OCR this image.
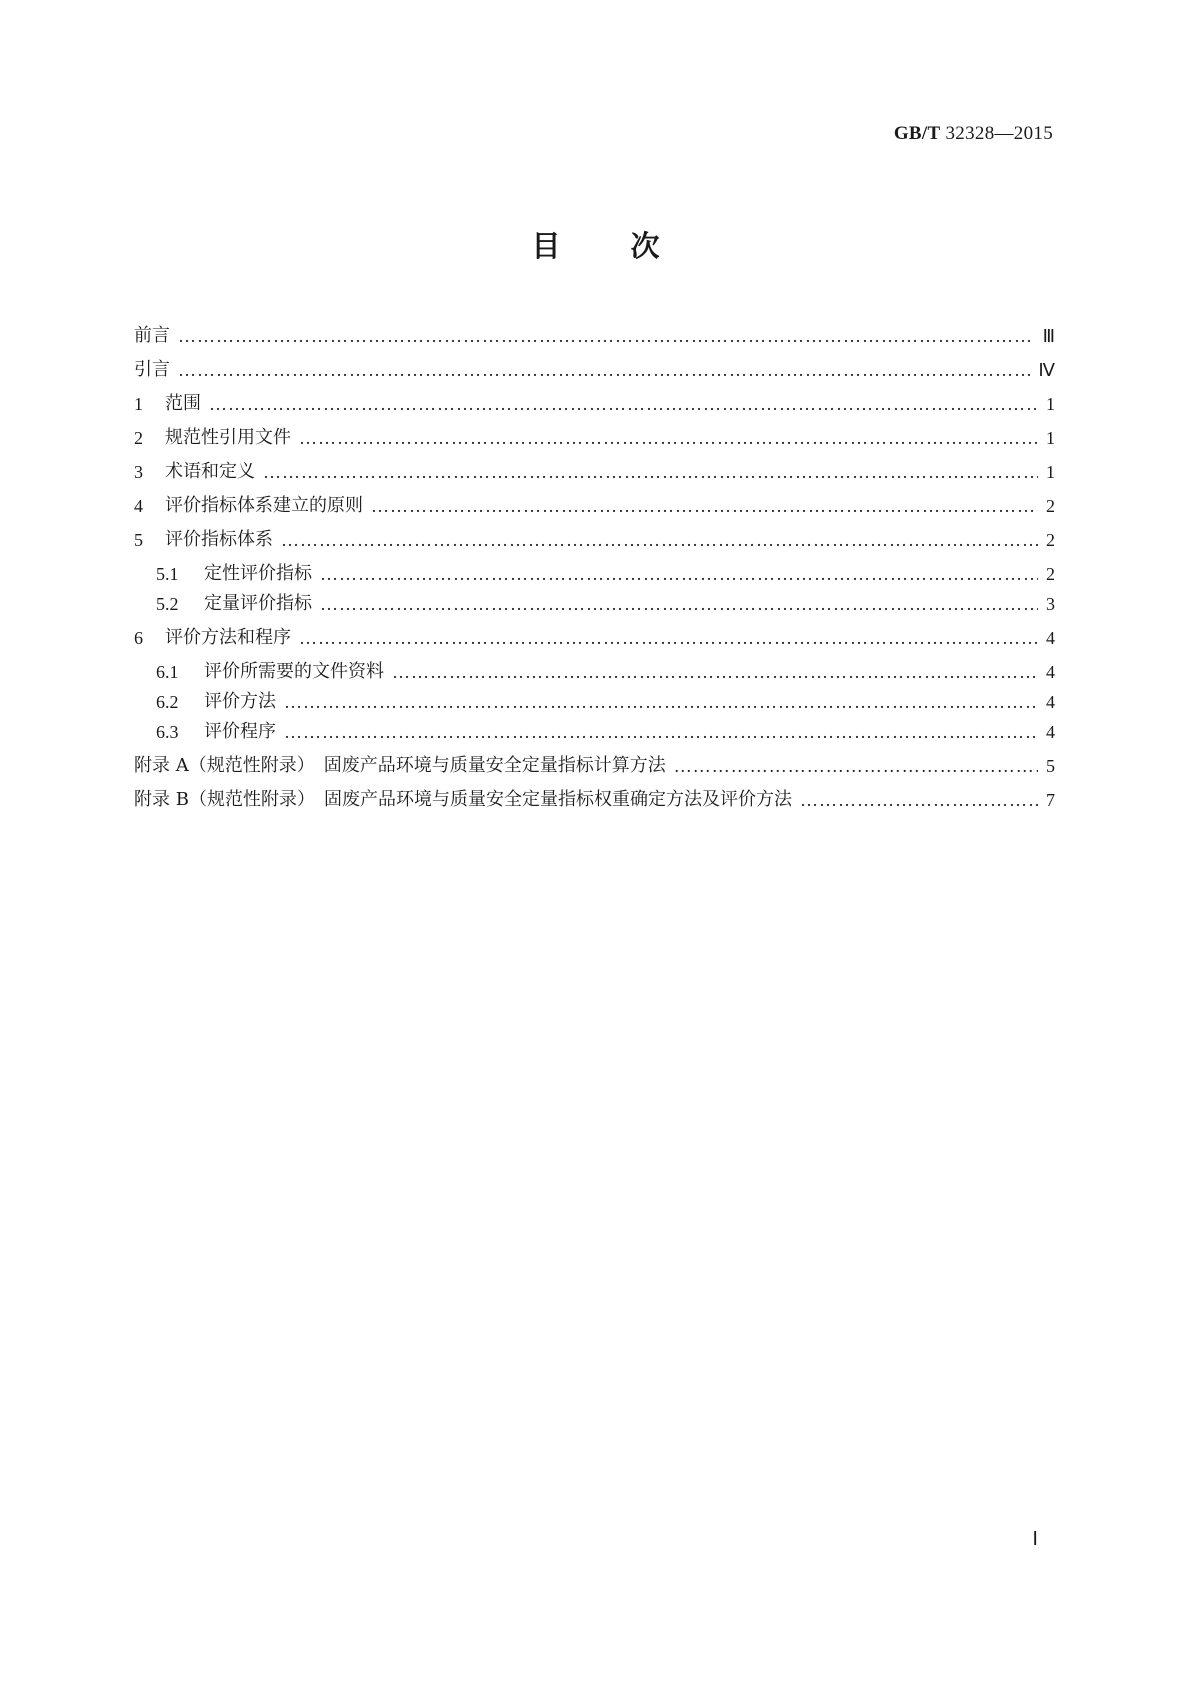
GB/T 32328—2015
目 次
前言 ……………………………………………………………………………………………………………………………………………………………………………………………………	Ⅲ
引言 ……………………………………………………………………………………………………………………………………………………………………………………………………	Ⅳ
1	范围 ……………………………………………………………………………………………………………………………………………………………………………………………………	1
2	规范性引用文件 ……………………………………………………………………………………………………………………………………………………………………………………………………	1
3	术语和定义 ……………………………………………………………………………………………………………………………………………………………………………………………………	1
4	评价指标体系建立的原则 ……………………………………………………………………………………………………………………………………………………………………………………………………	2
5	评价指标体系 ……………………………………………………………………………………………………………………………………………………………………………………………………	2
5.1	定性评价指标 ……………………………………………………………………………………………………………………………………………………………………………………………………	2
5.2	定量评价指标 ……………………………………………………………………………………………………………………………………………………………………………………………………	3
6	评价方法和程序 ……………………………………………………………………………………………………………………………………………………………………………………………………	4
6.1	评价所需要的文件资料 ……………………………………………………………………………………………………………………………………………………………………………………………………	4
6.2	评价方法 ……………………………………………………………………………………………………………………………………………………………………………………………………	4
6.3	评价程序 ……………………………………………………………………………………………………………………………………………………………………………………………………	4
附录 A（规范性附录）　固废产品环境与质量安全定量指标计算方法 ……………………………………………………………………………………………………………………………………………………………………………………………………	5
附录 B（规范性附录）　固废产品环境与质量安全定量指标权重确定方法及评价方法 ……………………………………………………………………………………………………………………………………………………………………………………………………	7
Ⅰ
